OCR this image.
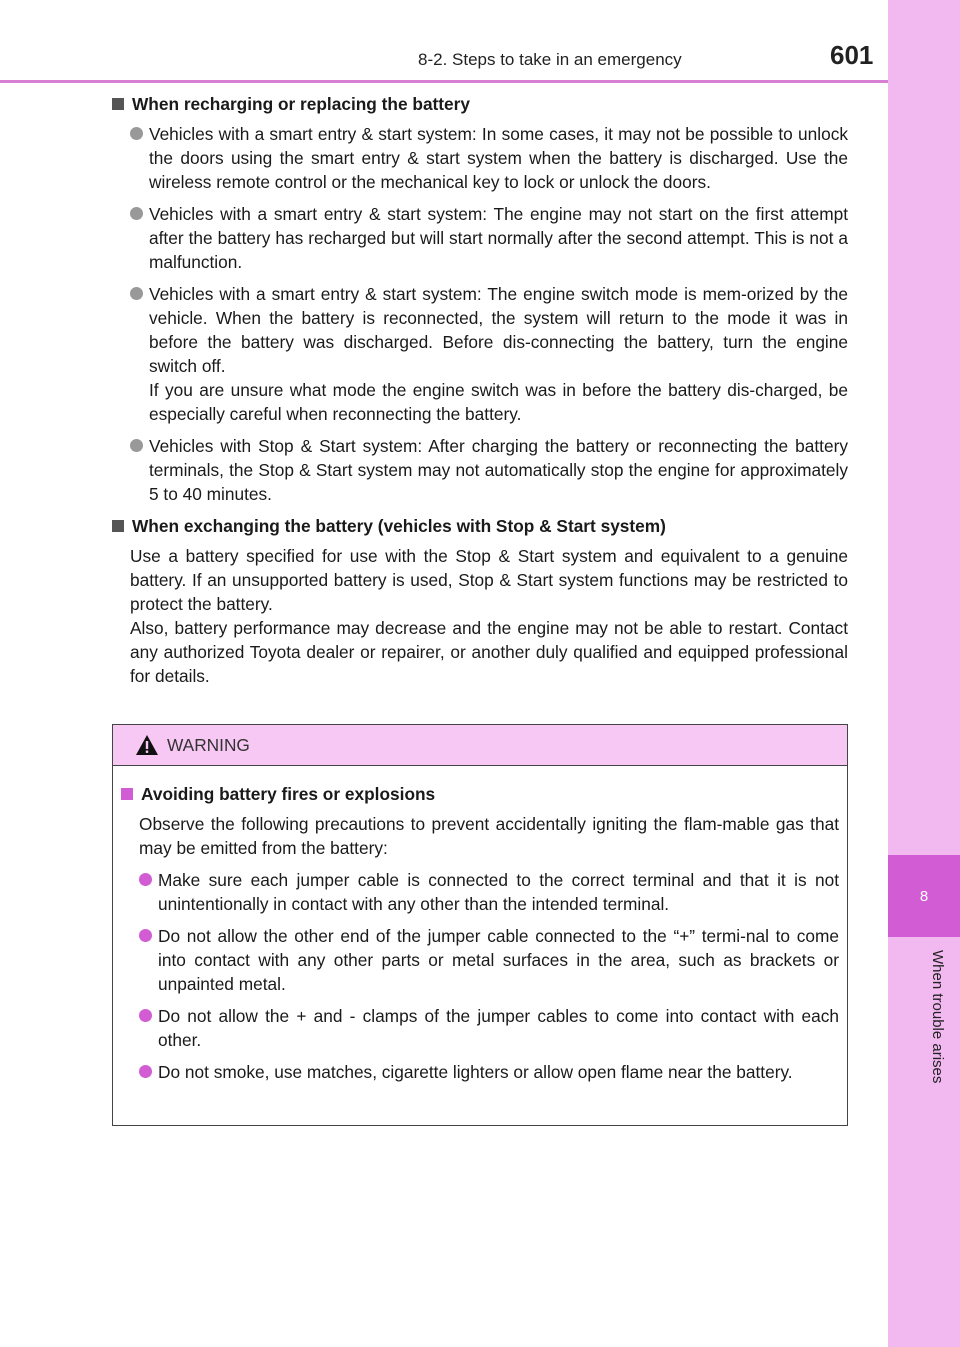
8
When trouble arises
8-2. Steps to take in an emergency	601
When recharging or replacing the battery
Vehicles with a smart entry & start system: In some cases, it may not be possible to unlock the doors using the smart entry & start system when the battery is discharged. Use the wireless remote control or the mechanical key to lock or unlock the doors.
Vehicles with a smart entry & start system: The engine may not start on the first attempt after the battery has recharged but will start normally after the second attempt. This is not a malfunction.
Vehicles with a smart entry & start system: The engine switch mode is mem-orized by the vehicle. When the battery is reconnected, the system will return to the mode it was in before the battery was discharged. Before dis-connecting the battery, turn the engine switch off.
If you are unsure what mode the engine switch was in before the battery dis-charged, be especially careful when reconnecting the battery.
Vehicles with Stop & Start system: After charging the battery or reconnecting the battery terminals, the Stop & Start system may not automatically stop the engine for approximately 5 to 40 minutes.
When exchanging the battery (vehicles with Stop & Start system)
Use a battery specified for use with the Stop & Start system and equivalent to a genuine battery. If an unsupported battery is used, Stop & Start system functions may be restricted to protect the battery.
Also, battery performance may decrease and the engine may not be able to restart. Contact any authorized Toyota dealer or repairer, or another duly qualified and equipped professional for details.
WARNING
Avoiding battery fires or explosions
Observe the following precautions to prevent accidentally igniting the flam-mable gas that may be emitted from the battery:
Make sure each jumper cable is connected to the correct terminal and that it is not unintentionally in contact with any other than the intended terminal.
Do not allow the other end of the jumper cable connected to the “+” termi-nal to come into contact with any other parts or metal surfaces in the area, such as brackets or unpainted metal.
Do not allow the + and - clamps of the jumper cables to come into contact with each other.
Do not smoke, use matches, cigarette lighters or allow open flame near the battery.
